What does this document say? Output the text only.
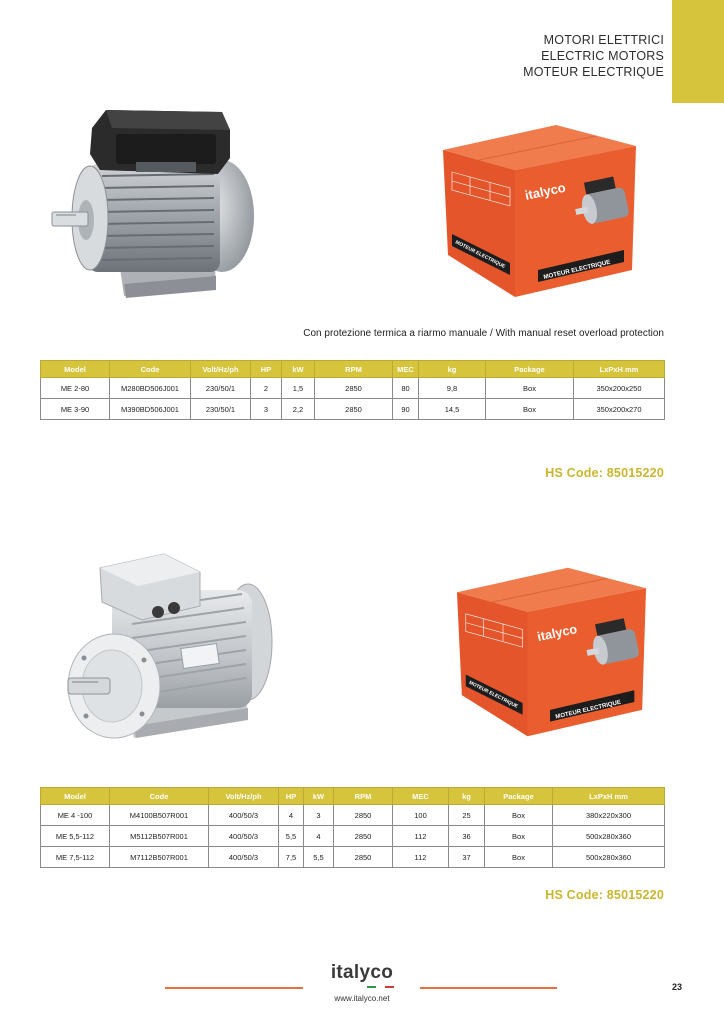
MOTORI ELETTRICI
ELECTRIC MOTORS
MOTEUR ELECTRIQUE
italyco
MOTEUR ELECTRIQUE
MOTEUR ELECTRIQUE
Con protezione termica a riarmo manuale / With manual reset overload protection
Model	Code	Volt/Hz/ph	HP	kW	RPM	MEC	kg	Package	LxPxH mm
ME 2-80	M280BD506J001	230/50/1	2	1,5	2850	80	9,8	Box	350x200x250
ME 3-90	M390BD506J001	230/50/1	3	2,2	2850	90	14,5	Box	350x200x270
HS Code: 85015220
italyco
MOTEUR ELECTRIQUE
MOTEUR ELECTRIQUE
Model	Code	Volt/Hz/ph	HP	kW	RPM	MEC	kg	Package	LxPxH mm
ME 4 -100	M4100B507R001	400/50/3	4	3	2850	100	25	Box	380x220x300
ME 5,5-112	M5112B507R001	400/50/3	5,5	4	2850	112	36	Box	500x280x360
ME 7,5-112	M7112B507R001	400/50/3	7,5	5,5	2850	112	37	Box	500x280x360
HS Code: 85015220
italyco
www.italyco.net
23
